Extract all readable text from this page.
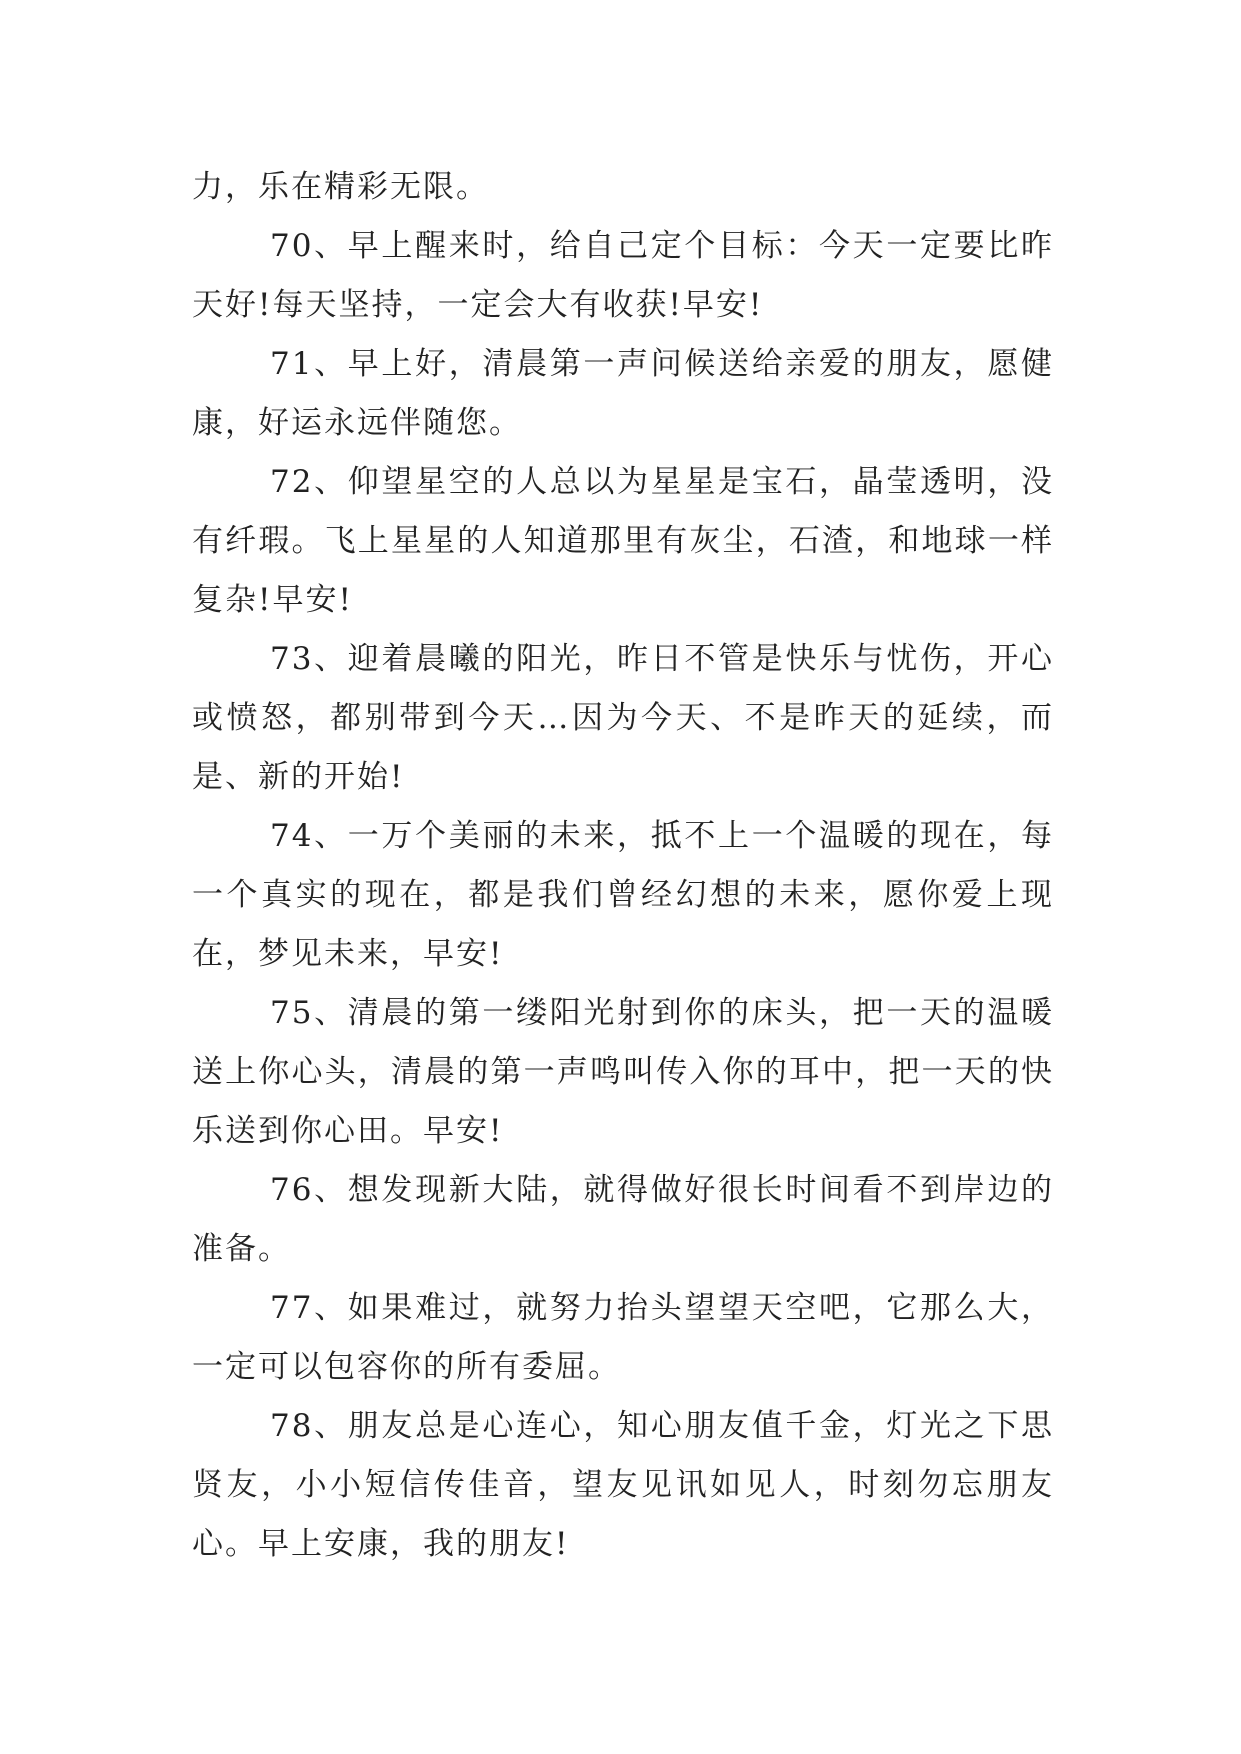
力，乐在精彩无限。

70、早上醒来时，给自己定个目标：今天一定要比昨天好!每天坚持，一定会大有收获!早安!

71、早上好，清晨第一声问候送给亲爱的朋友，愿健康，好运永远伴随您。

72、仰望星空的人总以为星星是宝石，晶莹透明，没有纤瑕。飞上星星的人知道那里有灰尘，石渣，和地球一样复杂!早安!

73、迎着晨曦的阳光，昨日不管是快乐与忧伤，开心或愤怒，都别带到今天…因为今天、不是昨天的延续，而是、新的开始!

74、一万个美丽的未来，抵不上一个温暖的现在，每一个真实的现在，都是我们曾经幻想的未来，愿你爱上现在，梦见未来，早安!

75、清晨的第一缕阳光射到你的床头，把一天的温暖送上你心头，清晨的第一声鸣叫传入你的耳中，把一天的快乐送到你心田。早安!

76、想发现新大陆，就得做好很长时间看不到岸边的准备。

77、如果难过，就努力抬头望望天空吧，它那么大，一定可以包容你的所有委屈。

78、朋友总是心连心，知心朋友值千金，灯光之下思贤友，小小短信传佳音，望友见讯如见人，时刻勿忘朋友心。早上安康，我的朋友!
